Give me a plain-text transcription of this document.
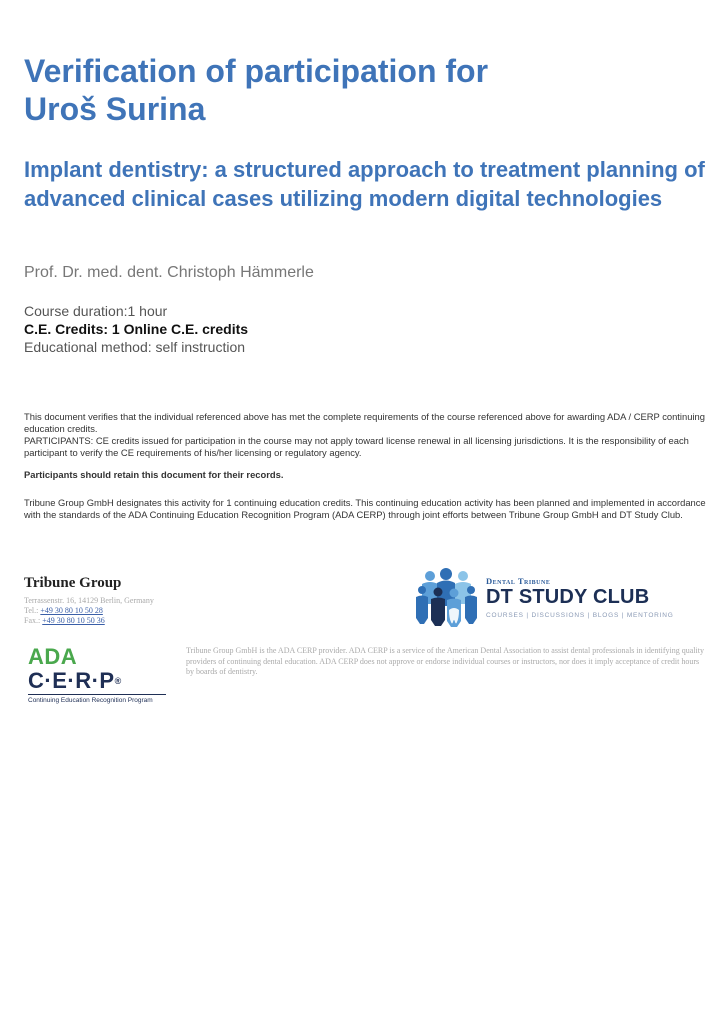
Verification of participation for
Uroš Surina
Implant dentistry: a structured approach to treatment planning of
advanced clinical cases utilizing modern digital technologies
Prof. Dr. med. dent. Christoph Hämmerle
Course duration:1 hour
C.E. Credits: 1 Online C.E. credits
Educational method: self instruction

This document verifies that the individual referenced above has met the complete requirements of the course referenced above for awarding ADA / CERP continuing education credits.

PARTICIPANTS: CE credits issued for participation in the course may not apply toward license renewal in all licensing jurisdictions. It is the responsibility of each participant to verify the CE requirements of his/her licensing or regulatory agency.

Participants should retain this document for their records.
Tribune Group GmbH designates this activity for 1 continuing education credits. This continuing education activity has been planned and implemented in accordance with the standards of the ADA Continuing Education Recognition Program (ADA CERP) through joint efforts between Tribune Group GmbH and DT Study Club.
Tribune Group
Terrassenstr. 16, 14129 Berlin, Germany
Tel.: +49 30 80 10 50 28
Fax.: +49 30 80 10 50 36
Dental Tribune
DT STUDY CLUB
COURSES | DISCUSSIONS | BLOGS | MENTORING
ADA C·E·R·P®
Continuing Education Recognition Program
Tribune Group GmbH is the ADA CERP provider. ADA CERP is a service of the American Dental Association to assist dental professionals in identifying quality providers of continuing dental education. ADA CERP does not approve or endorse individual courses or instructors, nor does it imply acceptance of credit hours by boards of dentistry.
